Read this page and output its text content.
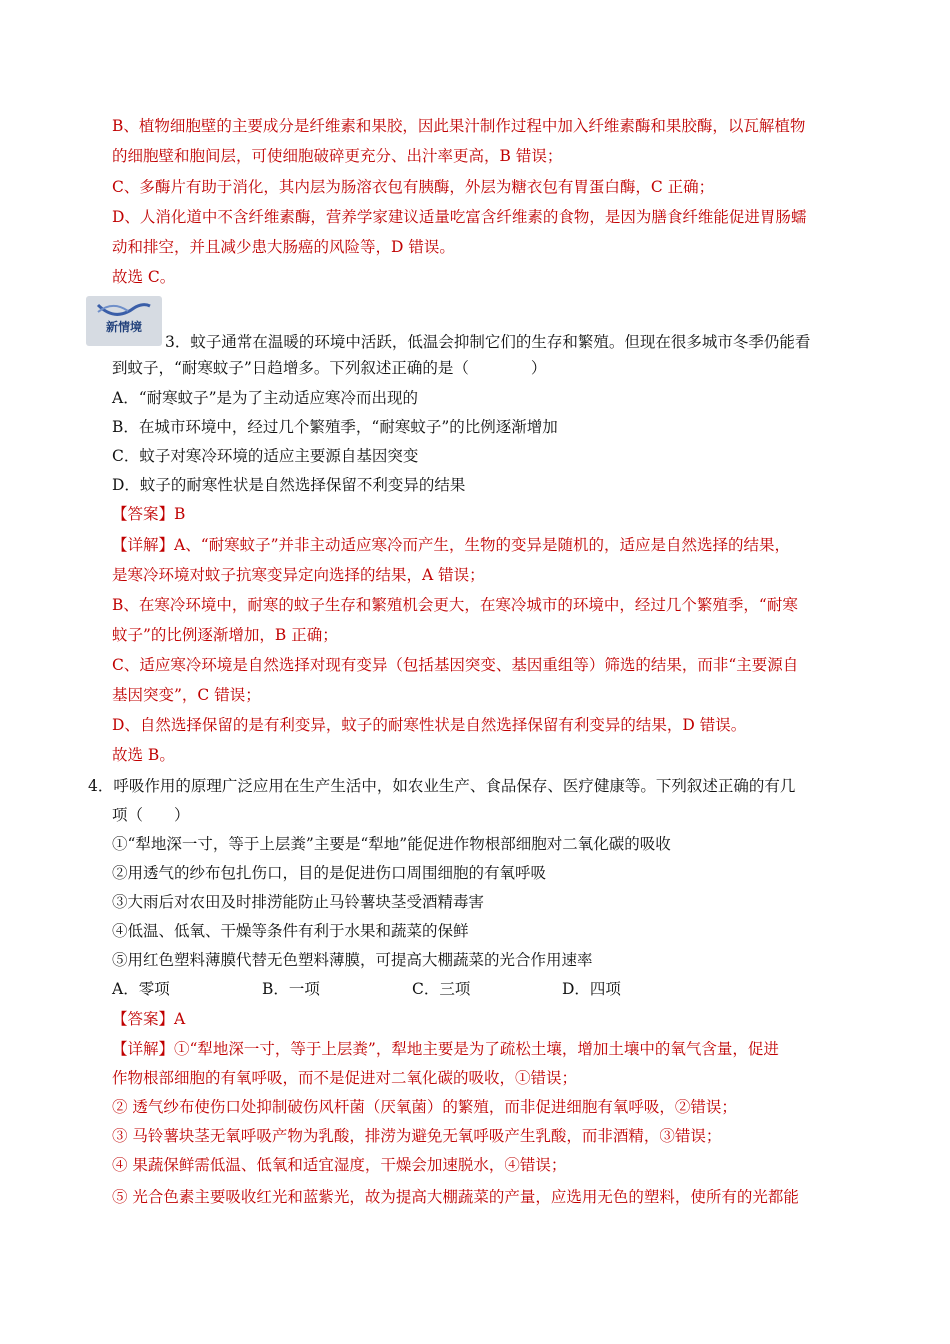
B、植物细胞壁的主要成分是纤维素和果胶，因此果汁制作过程中加入纤维素酶和果胶酶，以瓦解植物
的细胞壁和胞间层，可使细胞破碎更充分、出汁率更高，B 错误；
C、多酶片有助于消化，其内层为肠溶衣包有胰酶，外层为糖衣包有胃蛋白酶，C 正确；
D、人消化道中不含纤维素酶，营养学家建议适量吃富含纤维素的食物，是因为膳食纤维能促进胃肠蠕
动和排空，并且减少患大肠癌的风险等，D 错误。
故选 C。
新情境
3．蚊子通常在温暖的环境中活跃，低温会抑制它们的生存和繁殖。但现在很多城市冬季仍能看
到蚊子，“耐寒蚊子”日趋增多。下列叙述正确的是（　　　　）
A．“耐寒蚊子”是为了主动适应寒冷而出现的
B．在城市环境中，经过几个繁殖季，“耐寒蚊子”的比例逐渐增加
C．蚊子对寒冷环境的适应主要源自基因突变
D．蚊子的耐寒性状是自然选择保留不利变异的结果
【答案】B
【详解】A、“耐寒蚊子”并非主动适应寒冷而产生，生物的变异是随机的，适应是自然选择的结果，
是寒冷环境对蚊子抗寒变异定向选择的结果，A 错误；
B、在寒冷环境中，耐寒的蚊子生存和繁殖机会更大，在寒冷城市的环境中，经过几个繁殖季，“耐寒
蚊子”的比例逐渐增加，B 正确；
C、适应寒冷环境是自然选择对现有变异（包括基因突变、基因重组等）筛选的结果，而非“主要源自
基因突变”，C 错误；
D、自然选择保留的是有利变异，蚊子的耐寒性状是自然选择保留有利变异的结果，D 错误。
故选 B。
4．呼吸作用的原理广泛应用在生产生活中，如农业生产、食品保存、医疗健康等。下列叙述正确的有几
项（　　）
①“犁地深一寸，等于上层粪”主要是“犁地”能促进作物根部细胞对二氧化碳的吸收
②用透气的纱布包扎伤口，目的是促进伤口周围细胞的有氧呼吸
③大雨后对农田及时排涝能防止马铃薯块茎受酒精毒害
④低温、低氧、干燥等条件有利于水果和蔬菜的保鲜
⑤用红色塑料薄膜代替无色塑料薄膜，可提高大棚蔬菜的光合作用速率
A．零项	B．一项	C．三项	D．四项
【答案】A
【详解】①“犁地深一寸，等于上层粪”，犁地主要是为了疏松土壤，增加土壤中的氧气含量，促进
作物根部细胞的有氧呼吸，而不是促进对二氧化碳的吸收，①错误；
② 透气纱布使伤口处抑制破伤风杆菌（厌氧菌）的繁殖，而非促进细胞有氧呼吸，②错误；
③ 马铃薯块茎无氧呼吸产物为乳酸，排涝为避免无氧呼吸产生乳酸，而非酒精，③错误；
④ 果蔬保鲜需低温、低氧和适宜湿度，干燥会加速脱水，④错误；
⑤ 光合色素主要吸收红光和蓝紫光，故为提高大棚蔬菜的产量，应选用无色的塑料，使所有的光都能
